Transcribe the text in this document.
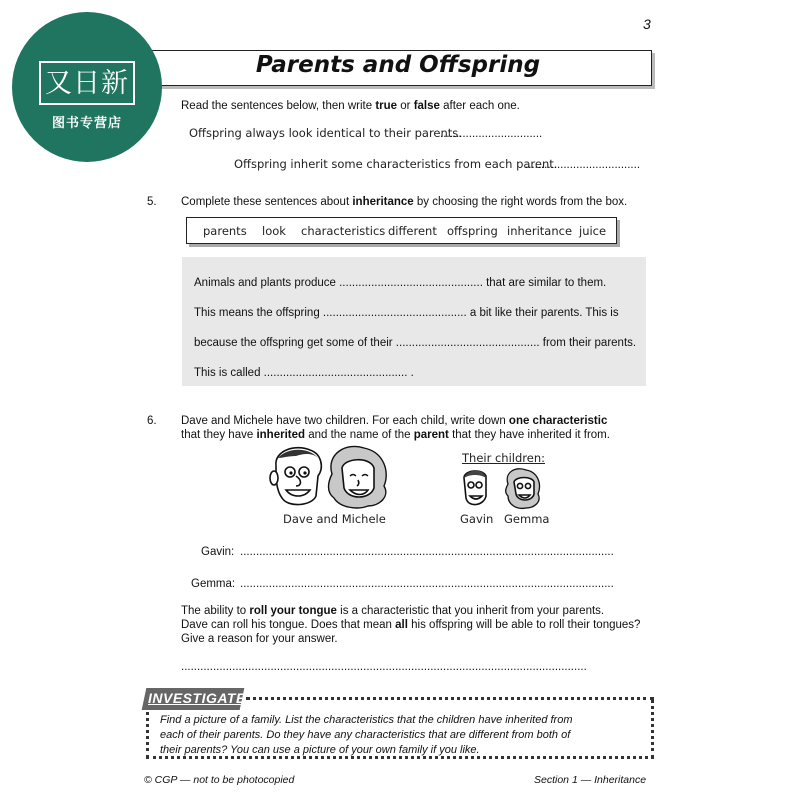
又日新
图书专营店
3
Parents and Offspring
Read the sentences below, then write true or false after each one.
Offspring always look identical to their parents.
................................
Offspring inherit some characteristics from each parent.
....................................
5. Complete these sentences about inheritance by choosing the right words from the box.
parents look characteristics different offspring inheritance juice
Animals and plants produce ............................................. that are similar to them.
This means the offspring ............................................. a bit like their parents. This is
because the offspring get some of their ............................................. from their parents.
This is called ............................................. .
6. Dave and Michele have two children. For each child, write down one characteristic
that they have inherited and the name of the parent that they have inherited it from.
Dave and Michele
Their children:
Gavin Gemma
Gavin: .....................................................................................................................
Gemma: .....................................................................................................................
The ability to roll your tongue is a characteristic that you inherit from your parents.
Dave can roll his tongue. Does that mean all his offspring will be able to roll their tongues?
Give a reason for your answer.
...............................................................................................................................
INVESTIGATE
Find a picture of a family. List the characteristics that the children have inherited from
each of their parents. Do they have any characteristics that are different from both of
their parents? You can use a picture of your own family if you like.
© CGP — not to be photocopied	Section 1 — Inheritance
